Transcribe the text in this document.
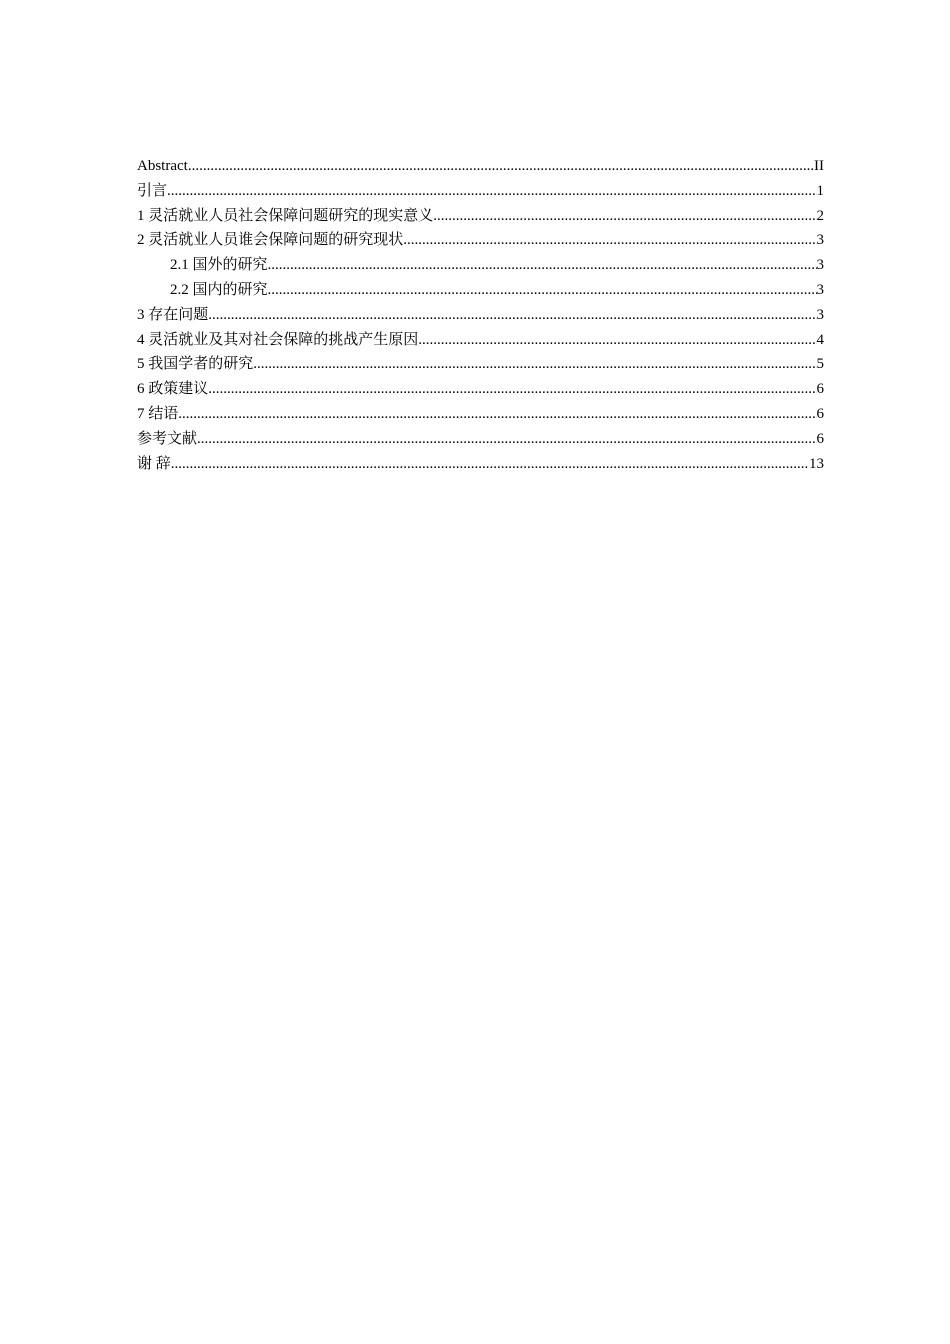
Abstract .....	II
引言 .....	1
1 灵活就业人员社会保障问题研究的现实意义 .....	2
2 灵活就业人员谁会保障问题的研究现状 .....	3
2.1 国外的研究 .....	3
2.2 国内的研究 .....	3
3 存在问题 .....	3
4 灵活就业及其对社会保障的挑战产生原因 .....	4
5 我国学者的研究 .....	5
6 政策建议 .....	6
7 结语 .....	6
参考文献 .....	6
谢 辞 .....	13
